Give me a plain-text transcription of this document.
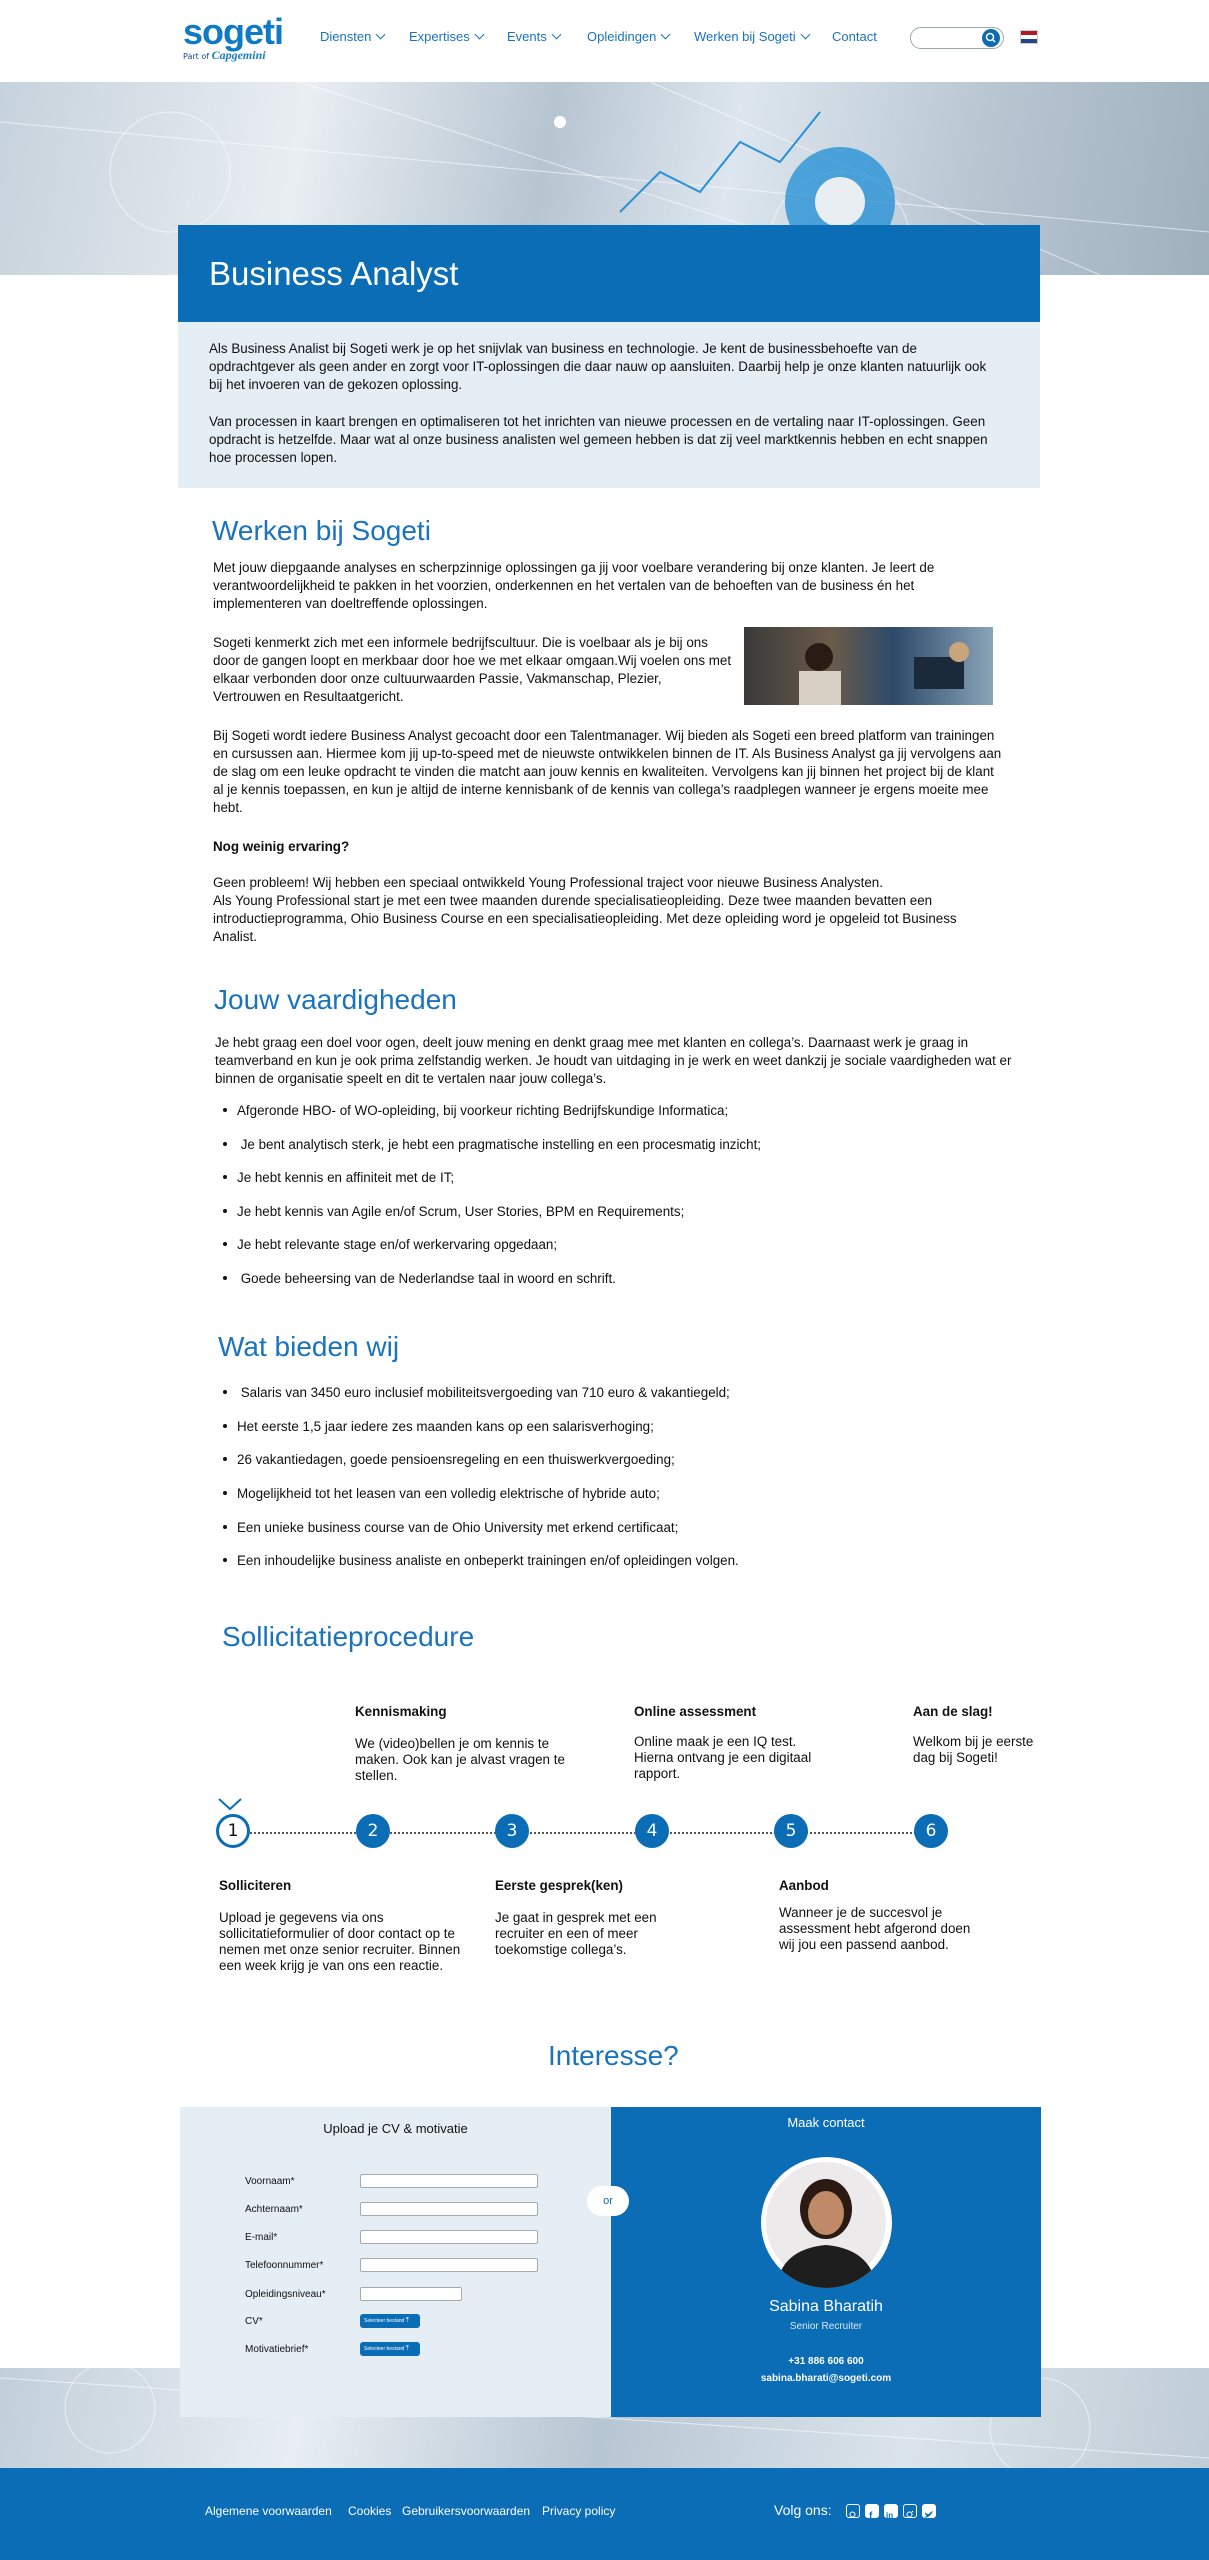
sogeti
Part of Capgemini
Diensten	Expertises	Events	Opleidingen	Werken bij Sogeti	Contact
Business Analyst

Als Business Analist bij Sogeti werk je op het snijvlak van business en technologie. Je kent de businessbehoefte van de opdrachtgever als geen ander en zorgt voor IT-oplossingen die daar nauw op aansluiten. Daarbij help je onze klanten natuurlijk ook bij het invoeren van de gekozen oplossing.

Van processen in kaart brengen en optimaliseren tot het inrichten van nieuwe processen en de vertaling naar IT-oplossingen. Geen opdracht is hetzelfde. Maar wat al onze business analisten wel gemeen hebben is dat zij veel marktkennis hebben en echt snappen hoe processen lopen.

Werken bij Sogeti

Met jouw diepgaande analyses en scherpzinnige oplossingen ga jij voor voelbare verandering bij onze klanten. Je leert de verantwoordelijkheid te pakken in het voorzien, onderkennen en het vertalen van de behoeften van de business én het implementeren van doeltreffende oplossingen.

Sogeti kenmerkt zich met een informele bedrijfscultuur. Die is voelbaar als je bij ons door de gangen loopt en merkbaar door hoe we met elkaar omgaan.Wij voelen ons met elkaar verbonden door onze cultuurwaarden Passie, Vakmanschap, Plezier, Vertrouwen en Resultaatgericht.

Bij Sogeti wordt iedere Business Analyst gecoacht door een Talentmanager. Wij bieden als Sogeti een breed platform van trainingen en cursussen aan. Hiermee kom jij up-to-speed met de nieuwste ontwikkelen binnen de IT. Als Business Analyst ga jij vervolgens aan de slag om een leuke opdracht te vinden die matcht aan jouw kennis en kwaliteiten. Vervolgens kan jij binnen het project bij de klant al je kennis toepassen, en kun je altijd de interne kennisbank of de kennis van collega’s raadplegen wanneer je ergens moeite mee hebt.

Nog weinig ervaring?

Geen probleem! Wij hebben een speciaal ontwikkeld Young Professional traject voor nieuwe Business Analysten.

Als Young Professional start je met een twee maanden durende specialisatieopleiding. Deze twee maanden bevatten een introductieprogramma, Ohio Business Course en een specialisatieopleiding. Met deze opleiding word je opgeleid tot Business Analist.

Jouw vaardigheden

Je hebt graag een doel voor ogen, deelt jouw mening en denkt graag mee met klanten en collega’s. Daarnaast werk je graag in teamverband en kun je ook prima zelfstandig werken. Je houdt van uitdaging in je werk en weet dankzij je sociale vaardigheden wat er binnen de organisatie speelt en dit te vertalen naar jouw collega’s.

Afgeronde HBO- of WO-opleiding, bij voorkeur richting Bedrijfskundige Informatica;
Je bent analytisch sterk, je hebt een pragmatische instelling en een procesmatig inzicht;
Je hebt kennis en affiniteit met de IT;
Je hebt kennis van Agile en/of Scrum, User Stories, BPM en Requirements;
Je hebt relevante stage en/of werkervaring opgedaan;
Goede beheersing van de Nederlandse taal in woord en schrift.
Wat bieden wij
Salaris van 3450 euro inclusief mobiliteitsvergoeding van 710 euro & vakantiegeld;
Het eerste 1,5 jaar iedere zes maanden kans op een salarisverhoging;
26 vakantiedagen, goede pensioensregeling en een thuiswerkvergoeding;
Mogelijkheid tot het leasen van een volledig elektrische of hybride auto;
Een unieke business course van de Ohio University met erkend certificaat;
Een inhoudelijke business analiste en onbeperkt trainingen en/of opleidingen volgen.
Sollicitatieprocedure
1	2	3	4	5	6
Kennismaking
We (video)bellen je om kennis te maken. Ook kan je alvast vragen te stellen.
Online assessment
Online maak je een IQ test. Hierna ontvang je een digitaal rapport.
Aan de slag!
Welkom bij je eerste dag bij Sogeti!
Solliciteren
Upload je gegevens via ons sollicitatieformulier of door contact op te nemen met onze senior recruiter. Binnen een week krijg je van ons een reactie.
Eerste gesprek(ken)
Je gaat in gesprek met een recruiter en een of meer toekomstige collega’s.
Aanbod
Wanneer je de succesvol je assessment hebt afgerond doen wij jou een passend aanbod.
Interesse?
Upload je CV & motivatie
Voornaam*
Achternaam*
E-mail*
Telefoonnummer*
Opleidingsniveau*
CV*	Selecteer bestand ⤒
Motivatiebrief*	Selecteer bestand ⤒
or
Maak contact
Sabina Bharatih
Senior Recruiter
+31 886 606 600
sabina.bharati@sogeti.com
Algemene voorwaarden Cookies Gebruikersvoorwaarden Privacy policy	Volg ons:	f in
